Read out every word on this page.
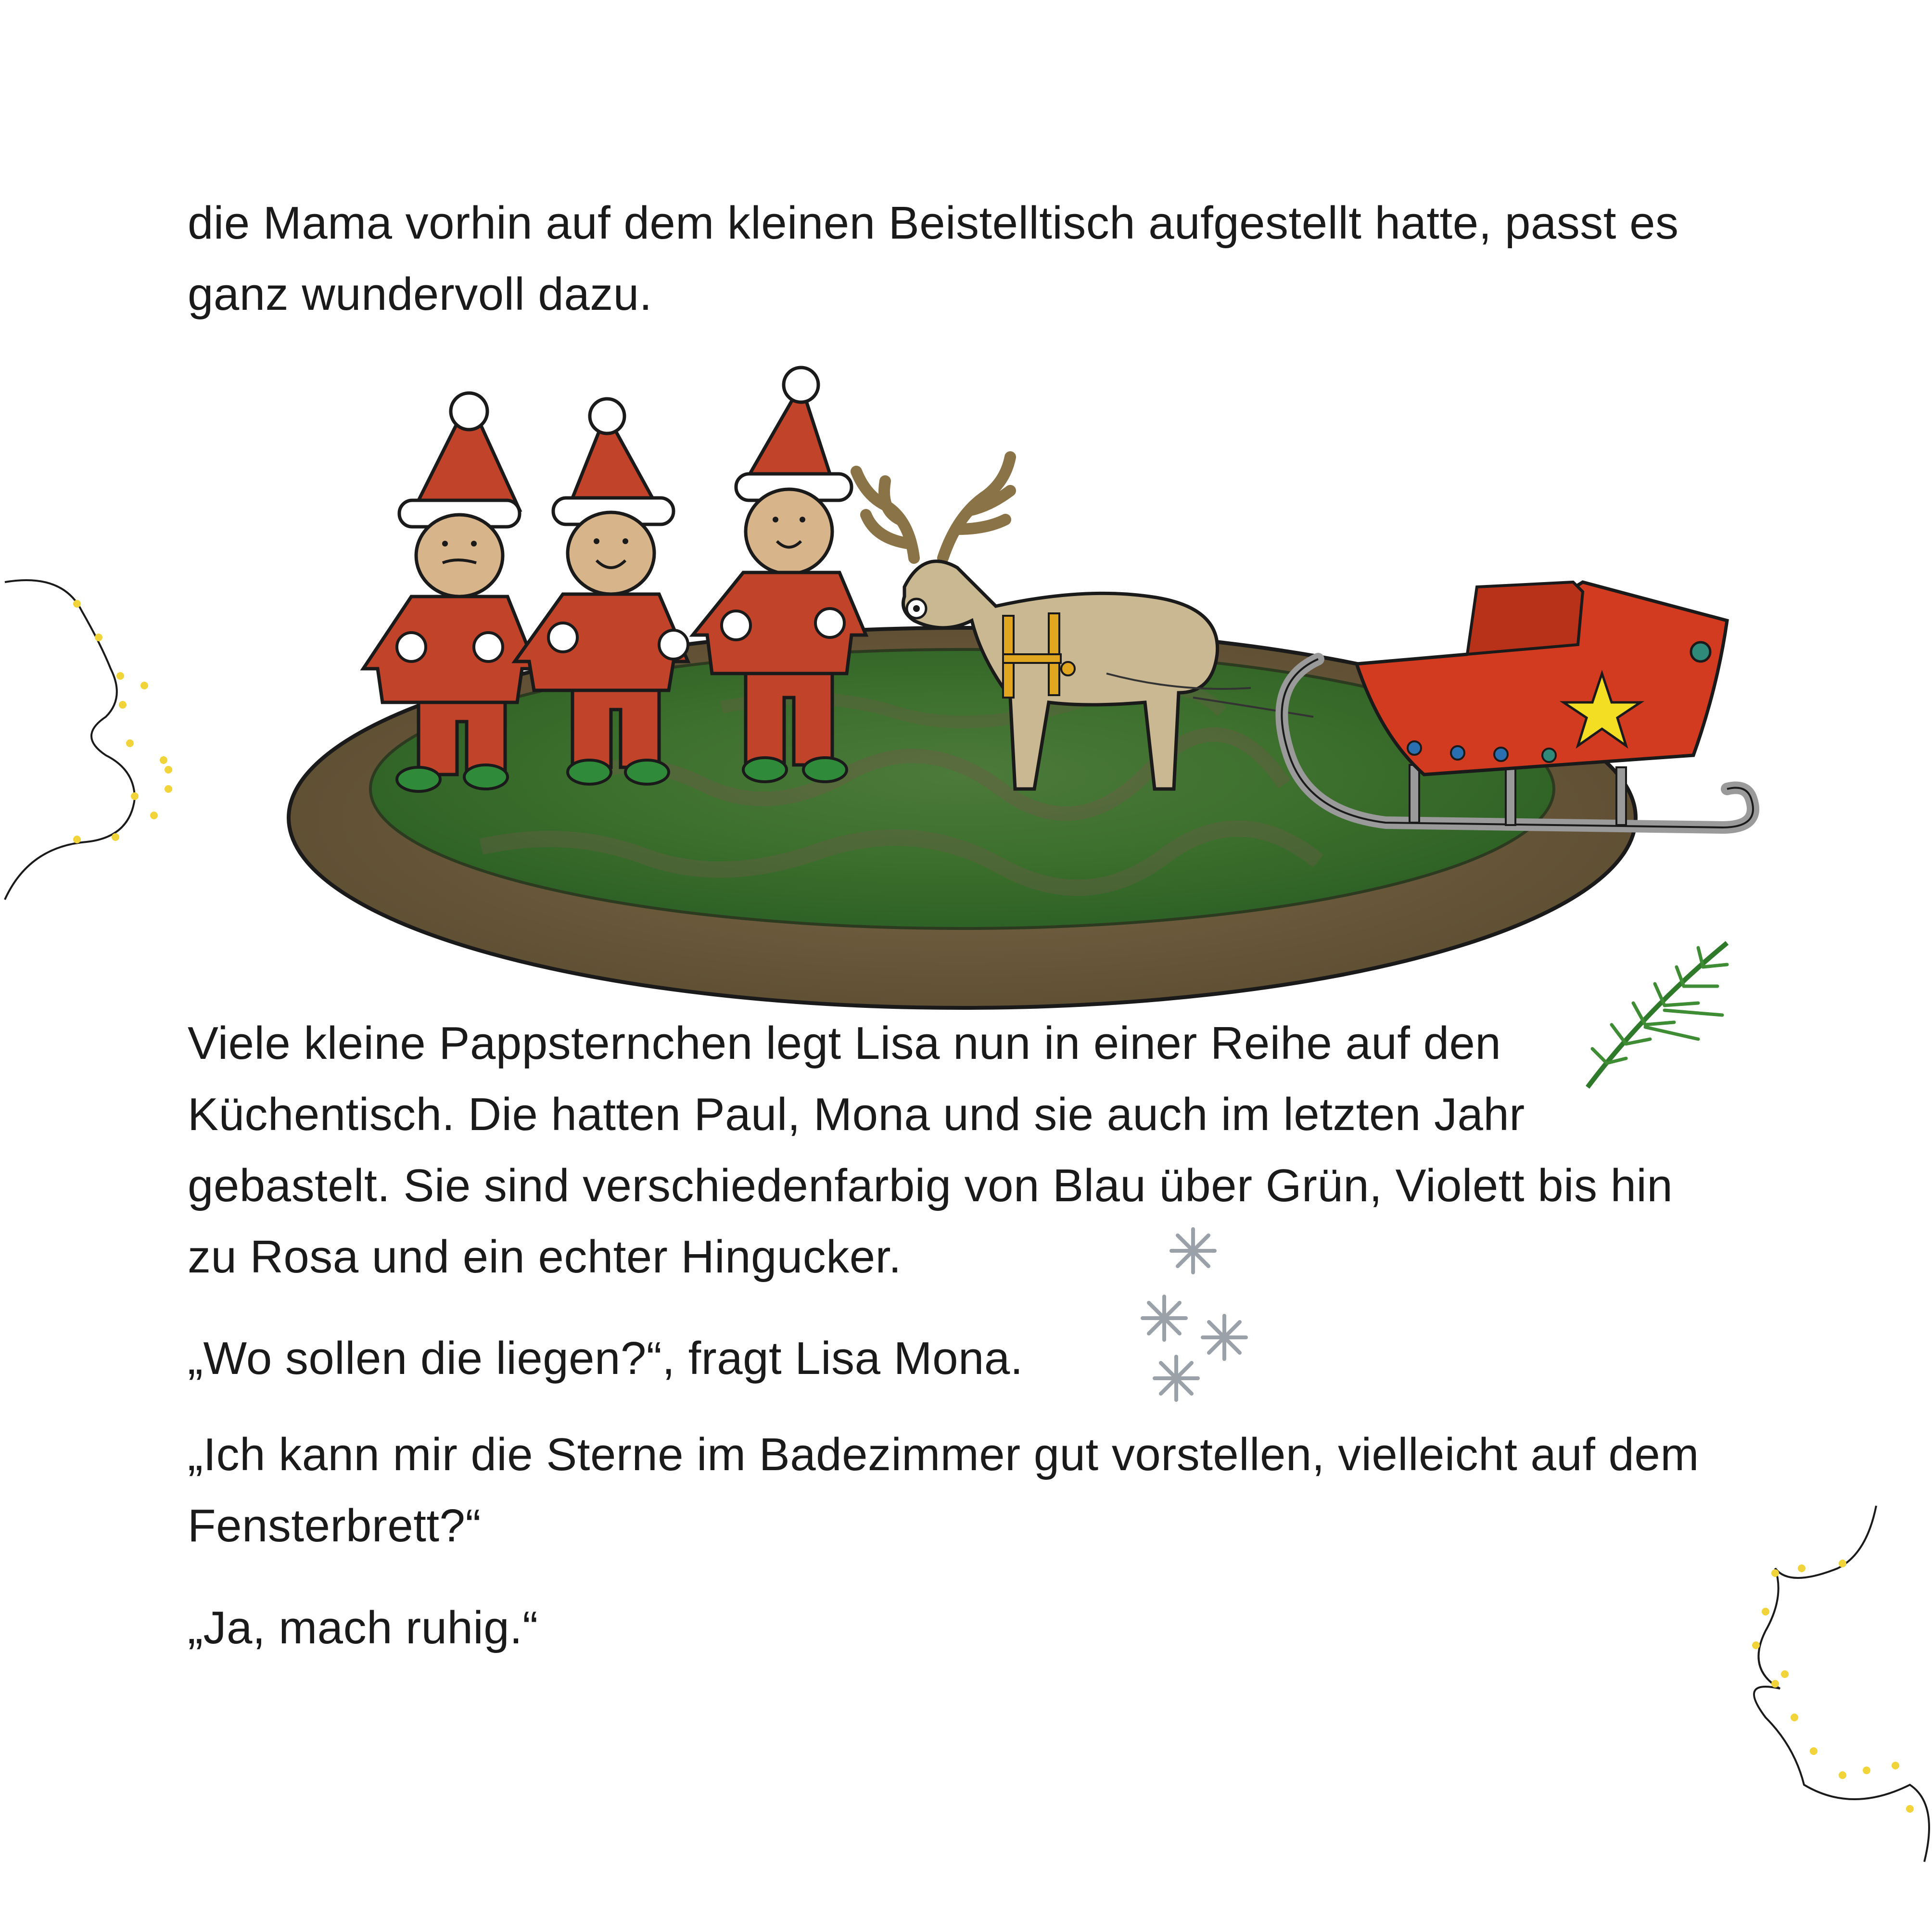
die Mama vorhin auf dem kleinen Beistelltisch aufgestellt hatte, passt es ganz wundervoll dazu.

Viele kleine Pappsternchen legt Lisa nun in einer Reihe auf den Küchentisch. Die hatten Paul, Mona und sie auch im letzten Jahr gebastelt. Sie sind verschiedenfarbig von Blau über Grün, Violett bis hin zu Rosa und ein echter Hingucker.

„Wo sollen die liegen?“, fragt Lisa Mona.

„Ich kann mir die Sterne im Badezimmer gut vorstellen, vielleicht auf dem Fensterbrett?“

„Ja, mach ruhig.“
